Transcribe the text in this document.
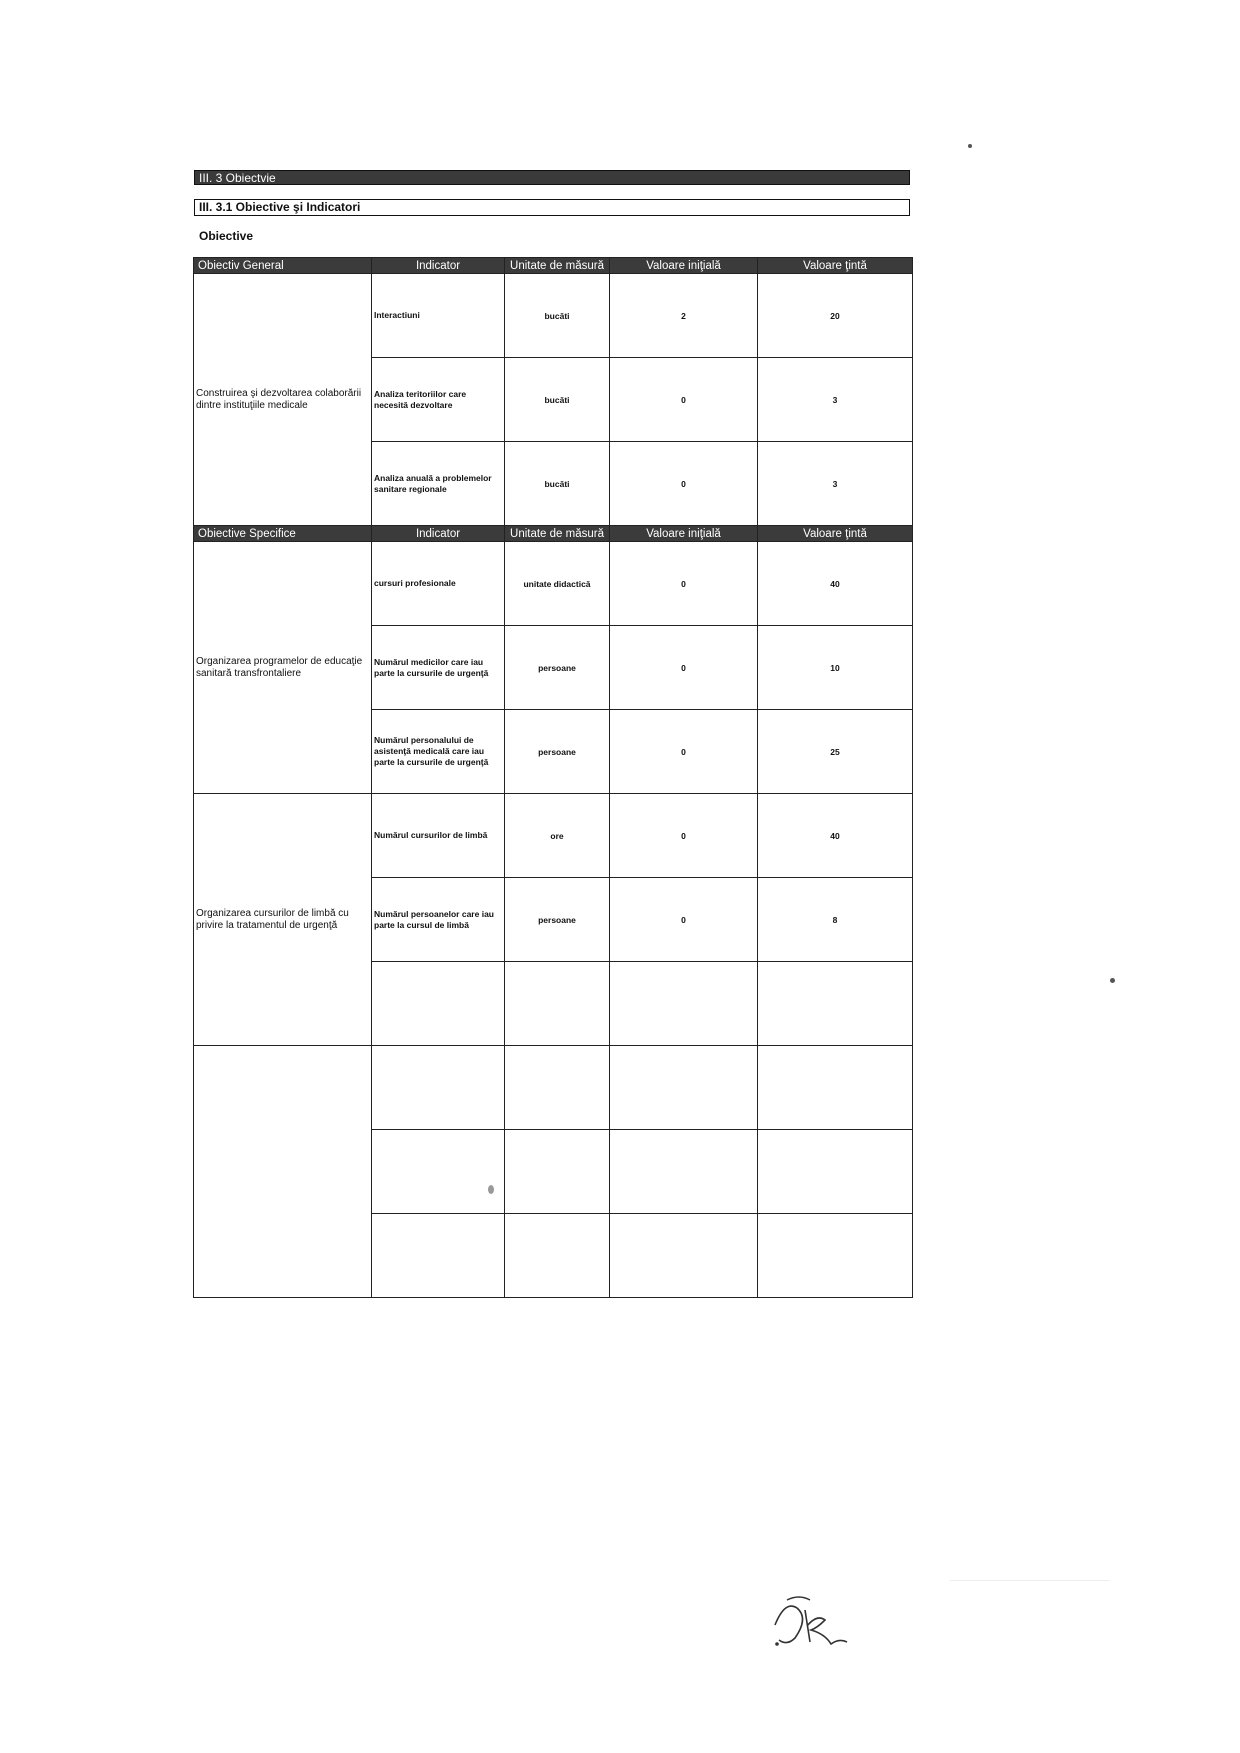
III. 3 Obiectvie
III. 3.1 Obiective şi Indicatori
Obiective
Obiectiv General	Indicator	Unitate de măsură	Valoare iniţială	Valoare ţintă
Construirea şi dezvoltarea colaborării dintre instituţiile medicale	Interactiuni	bucăti	2	20
	Analiza teritoriilor care necesită dezvoltare	bucăti	0	3
	Analiza anuală a problemelor sanitare regionale	bucăti	0	3
Obiective Specifice	Indicator	Unitate de măsură	Valoare iniţială	Valoare ţintă
Organizarea programelor de educaţie sanitară transfrontaliere	cursuri profesionale	unitate didactică	0	40
	Numărul medicilor care iau parte la cursurile de urgenţă	persoane	0	10
	Numărul personalului de asistenţă medicală care iau parte la cursurile de urgenţă	persoane	0	25
Organizarea cursurilor de limbă cu privire la tratamentul de urgenţă	Numărul cursurilor de limbă	ore	0	40
	Numărul persoanelor care iau parte la cursul de limbă	persoane	0	8
